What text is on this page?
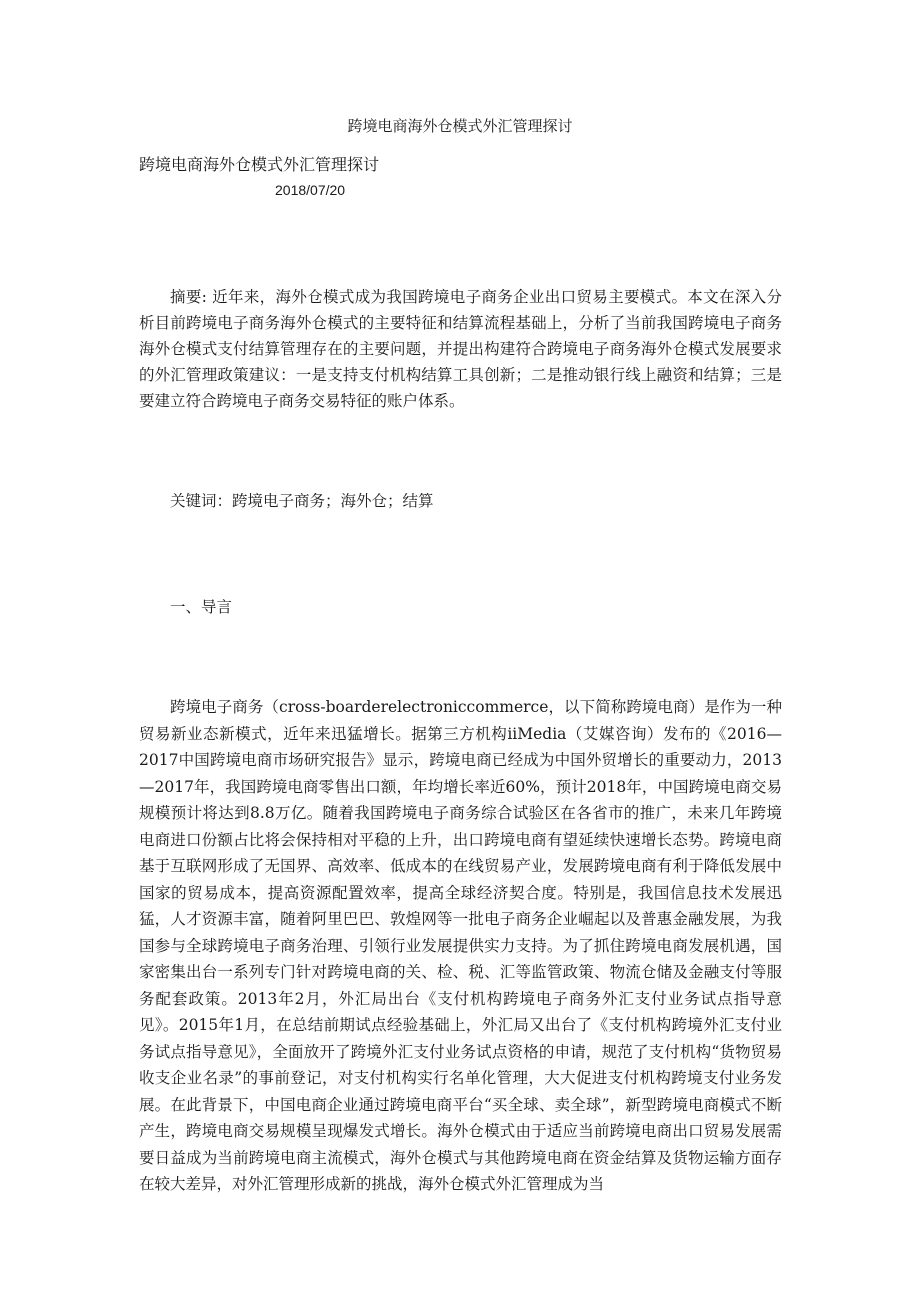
跨境电商海外仓模式外汇管理探讨
跨境电商海外仓模式外汇管理探讨
2018/07/20

摘要: 近年来，海外仓模式成为我国跨境电子商务企业出口贸易主要模式。本文在深入分析目前跨境电子商务海外仓模式的主要特征和结算流程基础上，分析了当前我国跨境电子商务海外仓模式支付结算管理存在的主要问题，并提出构建符合跨境电子商务海外仓模式发展要求的外汇管理政策建议：一是支持支付机构结算工具创新；二是推动银行线上融资和结算；三是要建立符合跨境电子商务交易特征的账户体系。

关键词：跨境电子商务；海外仓；结算
一、导言

跨境电子商务（cross-boarderelectroniccommerce，以下简称跨境电商）是作为一种贸易新业态新模式，近年来迅猛增长。据第三方机构iiMedia（艾媒咨询）发布的《2016—2017中国跨境电商市场研究报告》显示，跨境电商已经成为中国外贸增长的重要动力，2013—2017年，我国跨境电商零售出口额，年均增长率近60%，预计2018年，中国跨境电商交易规模预计将达到8.8万亿。随着我国跨境电子商务综合试验区在各省市的推广，未来几年跨境电商进口份额占比将会保持相对平稳的上升，出口跨境电商有望延续快速增长态势。跨境电商基于互联网形成了无国界、高效率、低成本的在线贸易产业，发展跨境电商有利于降低发展中国家的贸易成本，提高资源配置效率，提高全球经济契合度。特别是，我国信息技术发展迅猛，人才资源丰富，随着阿里巴巴、敦煌网等一批电子商务企业崛起以及普惠金融发展，为我国参与全球跨境电子商务治理、引领行业发展提供实力支持。为了抓住跨境电商发展机遇，国家密集出台一系列专门针对跨境电商的关、检、税、汇等监管政策、物流仓储及金融支付等服务配套政策。2013年2月，外汇局出台《支付机构跨境电子商务外汇支付业务试点指导意见》。2015年1月，在总结前期试点经验基础上，外汇局又出台了《支付机构跨境外汇支付业务试点指导意见》，全面放开了跨境外汇支付业务试点资格的申请，规范了支付机构“货物贸易收支企业名录”的事前登记，对支付机构实行名单化管理，大大促进支付机构跨境支付业务发展。在此背景下，中国电商企业通过跨境电商平台“买全球、卖全球”，新型跨境电商模式不断产生，跨境电商交易规模呈现爆发式增长。海外仓模式由于适应当前跨境电商出口贸易发展需要日益成为当前跨境电商主流模式，海外仓模式与其他跨境电商在资金结算及货物运输方面存在较大差异，对外汇管理形成新的挑战，海外仓模式外汇管理成为当
